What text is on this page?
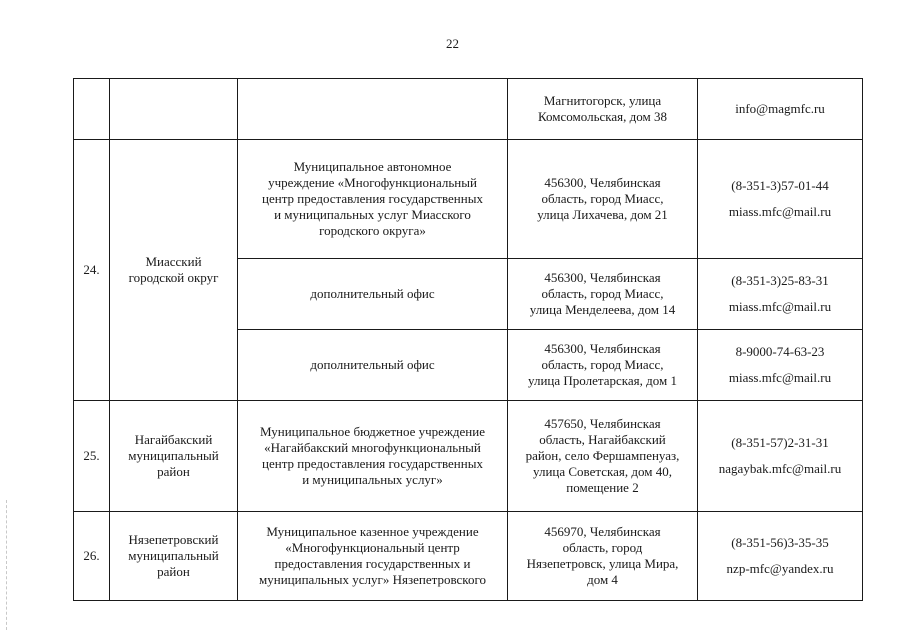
22
			Магнитогорск, улица
Комсомольская, дом 38	info@magmfc.ru

24.	Миасский
городской округ	Муниципальное автономное
учреждение «Многофункциональный
центр предоставления государственных
и муниципальных услуг Миасского
городского округа»	456300, Челябинская
область, город Миасс,
улица Лихачева, дом 21	(8-351-3)57-01-44
miass.mfc@mail.ru

		дополнительный офис	456300, Челябинская
область, город Миасс,
улица Менделеева, дом 14	(8-351-3)25-83-31
miass.mfc@mail.ru

		дополнительный офис	456300, Челябинская
область, город Миасс,
улица Пролетарская, дом 1	8-9000-74-63-23
miass.mfc@mail.ru

25.	Нагайбакский
муниципальный
район	Муниципальное бюджетное учреждение
«Нагайбакский многофункциональный
центр предоставления государственных
и муниципальных услуг»	457650, Челябинская
область, Нагайбакский
район, село Фершампенуаз,
улица Советская, дом 40,
помещение 2	(8-351-57)2-31-31
nagaybak.mfc@mail.ru

26.	Нязепетровский
муниципальный
район	Муниципальное казенное учреждение
«Многофункциональный центр
предоставления государственных и
муниципальных услуг» Нязепетровского	456970, Челябинская
область, город
Нязепетровск, улица Мира,
дом 4	(8-351-56)3-35-35
nzp-mfc@yandex.ru
